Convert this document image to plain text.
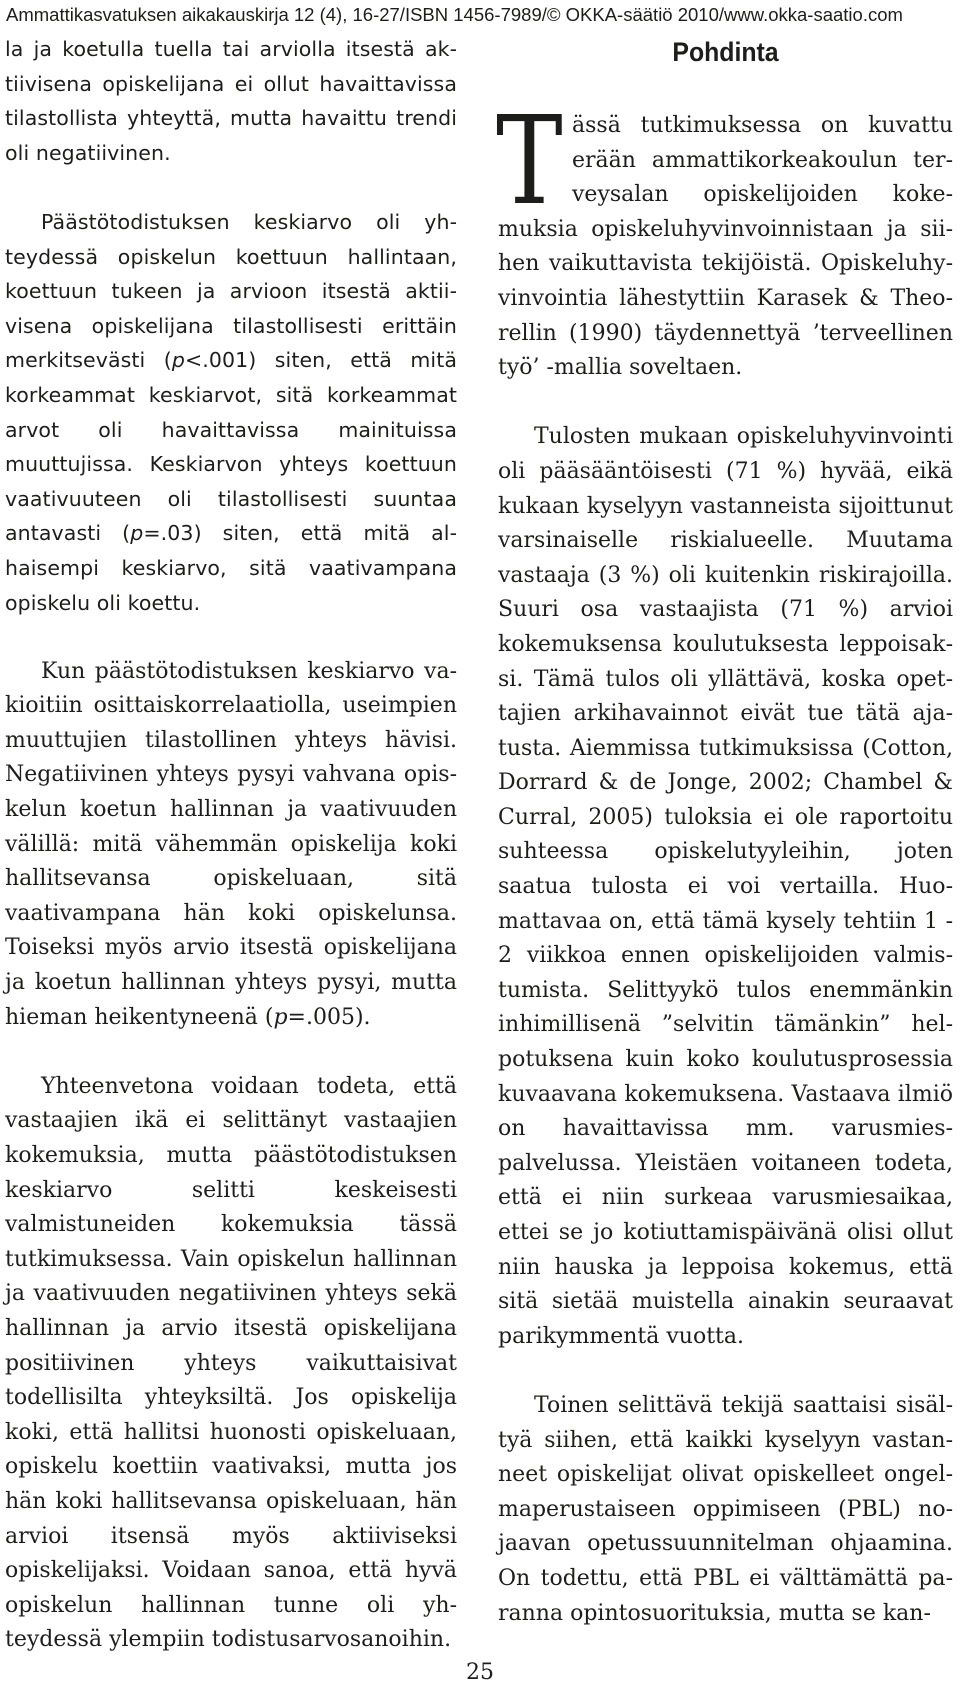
Ammattikasvatuksen aikakauskirja 12 (4), 16-27/ISBN 1456-7989/© OKKA-säätiö 2010/www.okka-saatio.com

la ja koetulla tuella tai arviolla itsestä aktiivisena opiskelijana ei ollut havaittavissa tilastollista yhteyttä, mutta havaittu trendi oli negatiivinen.

Päästötodistuksen keskiarvo oli yhteydessä opiskelun koettuun hallintaan, koettuun tukeen ja arvioon itsestä aktiivisena opiskelijana tilastollisesti erittäin merkitsevästi (p<.001) siten, että mitä korkeammat keskiarvot, sitä korkeammat arvot oli havaittavissa mainituissa muuttujissa. Keskiarvon yhteys koettuun vaativuuteen oli tilastollisesti suuntaa antavasti (p=.03) siten, että mitä alhaisempi keskiarvo, sitä vaativampana opiskelu oli koettu.

Kun päästötodistuksen keskiarvo vakioitiin osittaiskorrelaatiolla, useimpien muuttujien tilastollinen yhteys hävisi. Negatiivinen yhteys pysyi vahvana opiskelun koetun hallinnan ja vaativuuden välillä: mitä vähemmän opiskelija koki hallitsevansa opiskeluaan, sitä vaativampana hän koki opiskelunsa. Toiseksi myös arvio itsestä opiskelijana ja koetun hallinnan yhteys pysyi, mutta hieman heikentyneenä (p=.005).

Yhteenvetona voidaan todeta, että vastaajien ikä ei selittänyt vastaajien kokemuksia, mutta päästötodistuksen keskiarvo selitti keskeisesti valmistuneiden kokemuksia tässä tutkimuksessa. Vain opiskelun hallinnan ja vaativuuden negatiivinen yhteys sekä hallinnan ja arvio itsestä opiskelijana positiivinen yhteys vaikuttaisivat todellisilta yhteyksiltä. Jos opiskelija koki, että hallitsi huonosti opiskeluaan, opiskelu koettiin vaativaksi, mutta jos hän koki hallitsevansa opiskeluaan, hän arvioi itsensä myös aktiiviseksi opiskelijaksi. Voidaan sanoa, että hyvä opiskelun hallinnan tunne oli yhteydessä ylempiin todistusarvosanoihin.

Pohdinta

Tässä tutkimuksessa on kuvattu erään ammattikorkeakoulun terveysalan opiskelijoiden kokemuksia opiskeluhyvinvoinnistaan ja siihen vaikuttavista tekijöistä. Opiskeluhyvinvointia lähestyttiin Karasek & Theorellin (1990) täydennettyä ’terveellinen työ’ -mallia soveltaen.

Tulosten mukaan opiskeluhyvinvointi oli pääsääntöisesti (71 %) hyvää, eikä kukaan kyselyyn vastanneista sijoittunut varsinaiselle riskialueelle. Muutama vastaaja (3 %) oli kuitenkin riskirajoilla. Suuri osa vastaajista (71 %) arvioi kokemuksensa koulutuksesta leppoisaksi. Tämä tulos oli yllättävä, koska opettajien arkihavainnot eivät tue tätä ajatusta. Aiemmissa tutkimuksissa (Cotton, Dorrard & de Jonge, 2002; Chambel & Curral, 2005) tuloksia ei ole raportoitu suhteessa opiskelutyyleihin, joten saatua tulosta ei voi vertailla. Huomattavaa on, että tämä kysely tehtiin 1 - 2 viikkoa ennen opiskelijoiden valmistumista. Selittyykö tulos enemmänkin inhimillisenä ”selvitin tämänkin” helpotuksena kuin koko koulutusprosessia kuvaavana kokemuksena. Vastaava ilmiö on havaittavissa mm. varusmiespalvelussa. Yleistäen voitaneen todeta, että ei niin surkeaa varusmiesaikaa, ettei se jo kotiuttamispäivänä olisi ollut niin hauska ja leppoisa kokemus, että sitä sietää muistella ainakin seuraavat parikymmentä vuotta.

Toinen selittävä tekijä saattaisi sisältyä siihen, että kaikki kyselyyn vastanneet opiskelijat olivat opiskelleet ongelmaperustaiseen oppimiseen (PBL) nojaavan opetussuunnitelman ohjaamina. On todettu, että PBL ei välttämättä paranna opintosuorituksia, mutta se kan-

25
